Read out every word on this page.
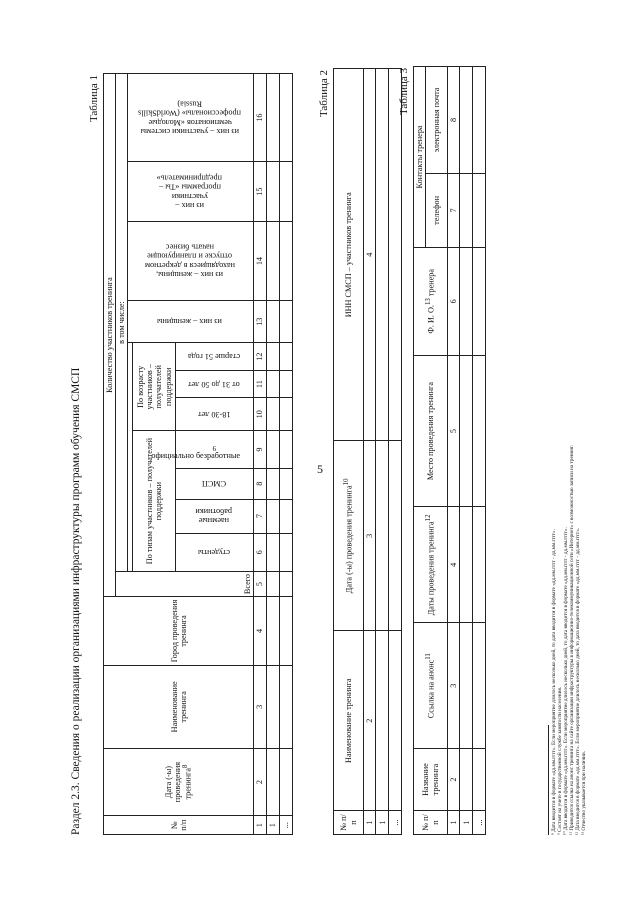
5
Раздел 2.3. Сведения о реализации организациями инфраструктуры программ обучения СМСП
Таблица 1
№ п/п	Дата (-ы) проведения тренинга$^8$	Наименование тренинга	Город проведения тренинга	Количество участников тренинга											
				Всего	в том числе:										
												из них – женщины	из них – женщины, находящиеся в декретном отпуске и планирующие начать бизнес	из них – участники программы «Ты – предприниматель»	из них – участники системы чемпионатов «Молодые профессионалы» (WorldSkills Russia)
					По типам участников – получателей поддержки				По возрасту участников – получателей поддержки						
					студенты	наемные работники	СМСП	официально безработные$^9$	18-30 лет	от 31 до 50 лет	старше 51 года				
1	2	3	4	5	6	7	8	9	10	11	12	13	14	15	16
1															
...															
Таблица 2
№ п/п	Наименование тренинга	Дата (-ы) проведения тренинга$^{10}$	ИНН СМСП – участников тренинга
1	2	3	4
1			
...			
Таблица 3
№ п/п	Название тренинга	Ссылка на анонс$^{11}$	Даты проведения тренинга$^{12}$	Место проведения тренинга	Ф. И. О.$^{13}$ тренера	Контакты тренера	
						телефон	электронная почта
1	2	3	4	5	6	7	8
1							
...								⁸ Дата вводится в формате «дд.мм.гггг». Если мероприятие длилось несколько дней, то дата вводится в формате «дд.мм.гггг - дд.мм.гггг». ⁹ Состоят на учете в государственной службе занятости населения. ¹⁰ Дата вводится в формате «дд.мм.гггг». Если мероприятие длилось несколько дней, то дата вводится в формате «дд.мм.гггг - дд.мм.гггг». ¹¹ Приводится ссылка на анонс тренинга на сайте организации инфраструктуры в информационно-телекоммуникационной сети «Интернет» с возможностью записи на тренинг. ¹² Дата вводится в формате «дд.мм.гггг». Если мероприятие длилось несколько дней, то дата вводится в формате «дд.мм.гггг - дд.мм.гггг». ¹³ Отчество указывается при наличии.
